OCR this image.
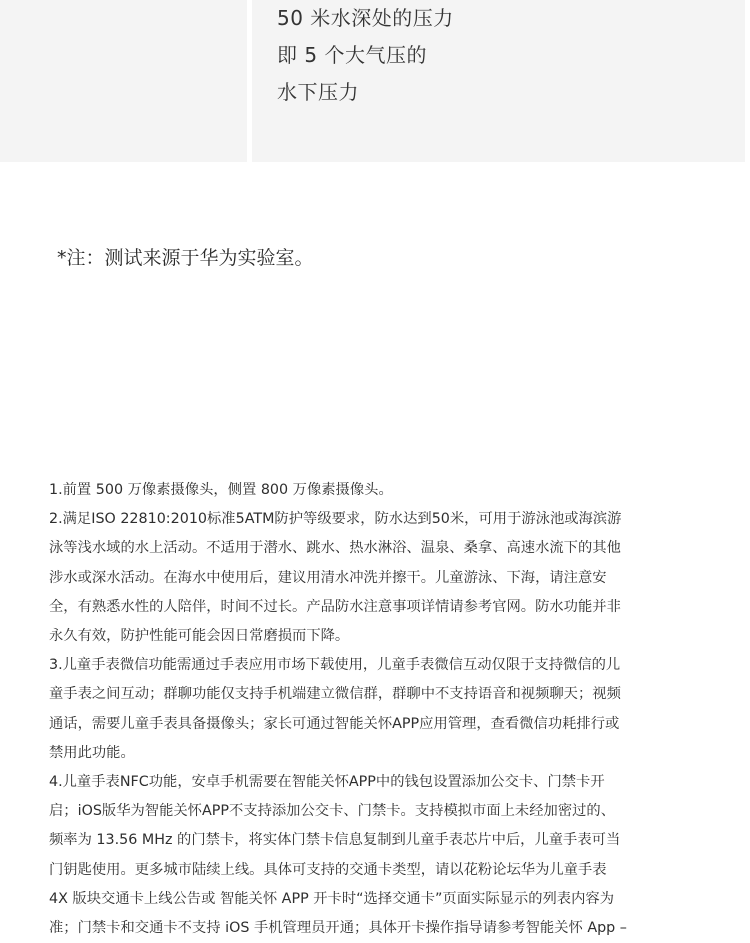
50 米水深处的压力
即 5 个大气压的
水下压力
*注：测试来源于华为实验室。
1.前置 500 万像素摄像头，侧置 800 万像素摄像头。
2.满足ISO 22810:2010标准5ATM防护等级要求，防水达到50米，可用于游泳池或海滨游
泳等浅水域的水上活动。不适用于潜水、跳水、热水淋浴、温泉、桑拿、高速水流下的其他
涉水或深水活动。在海水中使用后，建议用清水冲洗并擦干。儿童游泳、下海，请注意安
全，有熟悉水性的人陪伴，时间不过长。产品防水注意事项详情请参考官网。防水功能并非
永久有效，防护性能可能会因日常磨损而下降。
3.儿童手表微信功能需通过手表应用市场下载使用，儿童手表微信互动仅限于支持微信的儿
童手表之间互动；群聊功能仅支持手机端建立微信群，群聊中不支持语音和视频聊天；视频
通话，需要儿童手表具备摄像头；家长可通过智能关怀APP应用管理，查看微信功耗排行或
禁用此功能。
4.儿童手表NFC功能，安卓手机需要在智能关怀APP中的钱包设置添加公交卡、门禁卡开
启；iOS版华为智能关怀APP不支持添加公交卡、门禁卡。支持模拟市面上未经加密过的、
频率为 13.56 MHz 的门禁卡，将实体门禁卡信息复制到儿童手表芯片中后，儿童手表可当
门钥匙使用。更多城市陆续上线。具体可支持的交通卡类型，请以花粉论坛华为儿童手表
4X 版块交通卡上线公告或 智能关怀 APP 开卡时“选择交通卡”页面实际显示的列表内容为
准；门禁卡和交通卡不支持 iOS 手机管理员开通；具体开卡操作指导请参考智能关怀 App –
